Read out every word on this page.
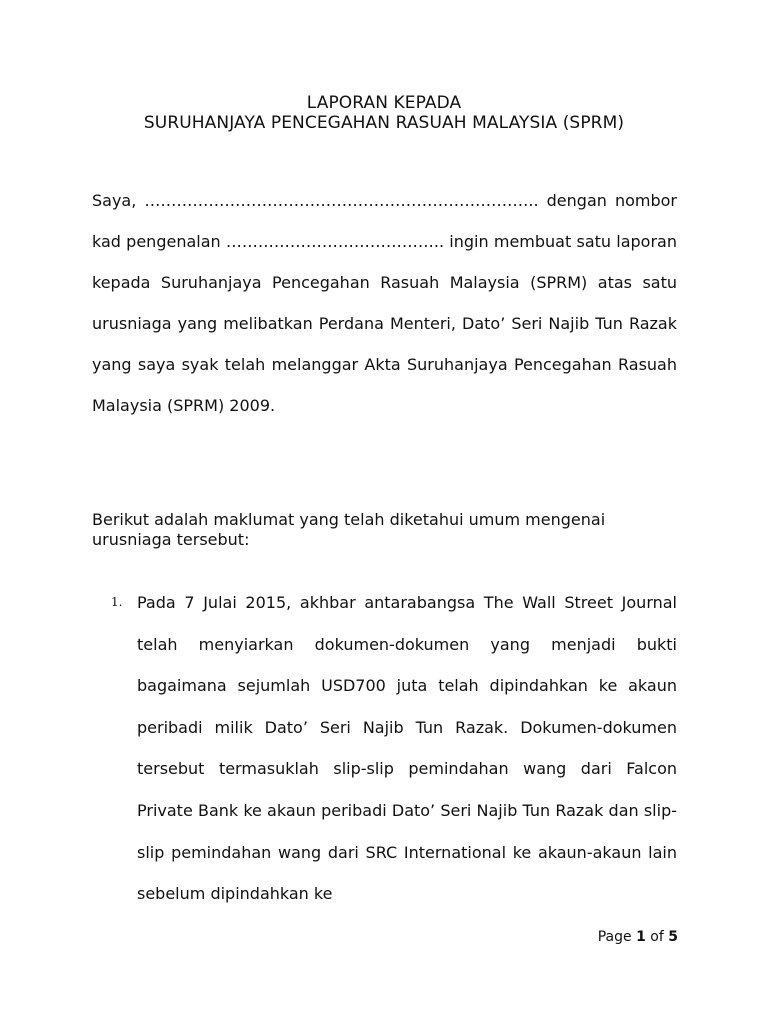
LAPORAN KEPADA
SURUHANJAYA PENCEGAHAN RASUAH MALAYSIA (SPRM)

Saya, ……………………………………………………………….. dengan nombor kad pengenalan ………………………………….. ingin membuat satu laporan kepada Suruhanjaya Pencegahan Rasuah Malaysia (SPRM) atas satu urusniaga yang melibatkan Perdana Menteri, Dato’ Seri Najib Tun Razak yang saya syak telah melanggar Akta Suruhanjaya Pencegahan Rasuah Malaysia (SPRM) 2009.

Berikut adalah maklumat yang telah diketahui umum mengenai urusniaga tersebut:

1. Pada 7 Julai 2015, akhbar antarabangsa The Wall Street Journal telah menyiarkan dokumen-dokumen yang menjadi bukti bagaimana sejumlah USD700 juta telah dipindahkan ke akaun peribadi milik Dato’ Seri Najib Tun Razak. Dokumen-dokumen tersebut termasuklah slip-slip pemindahan wang dari Falcon Private Bank ke akaun peribadi Dato’ Seri Najib Tun Razak dan slip-slip pemindahan wang dari SRC International ke akaun-akaun lain sebelum dipindahkan ke

Page 1 of 5
